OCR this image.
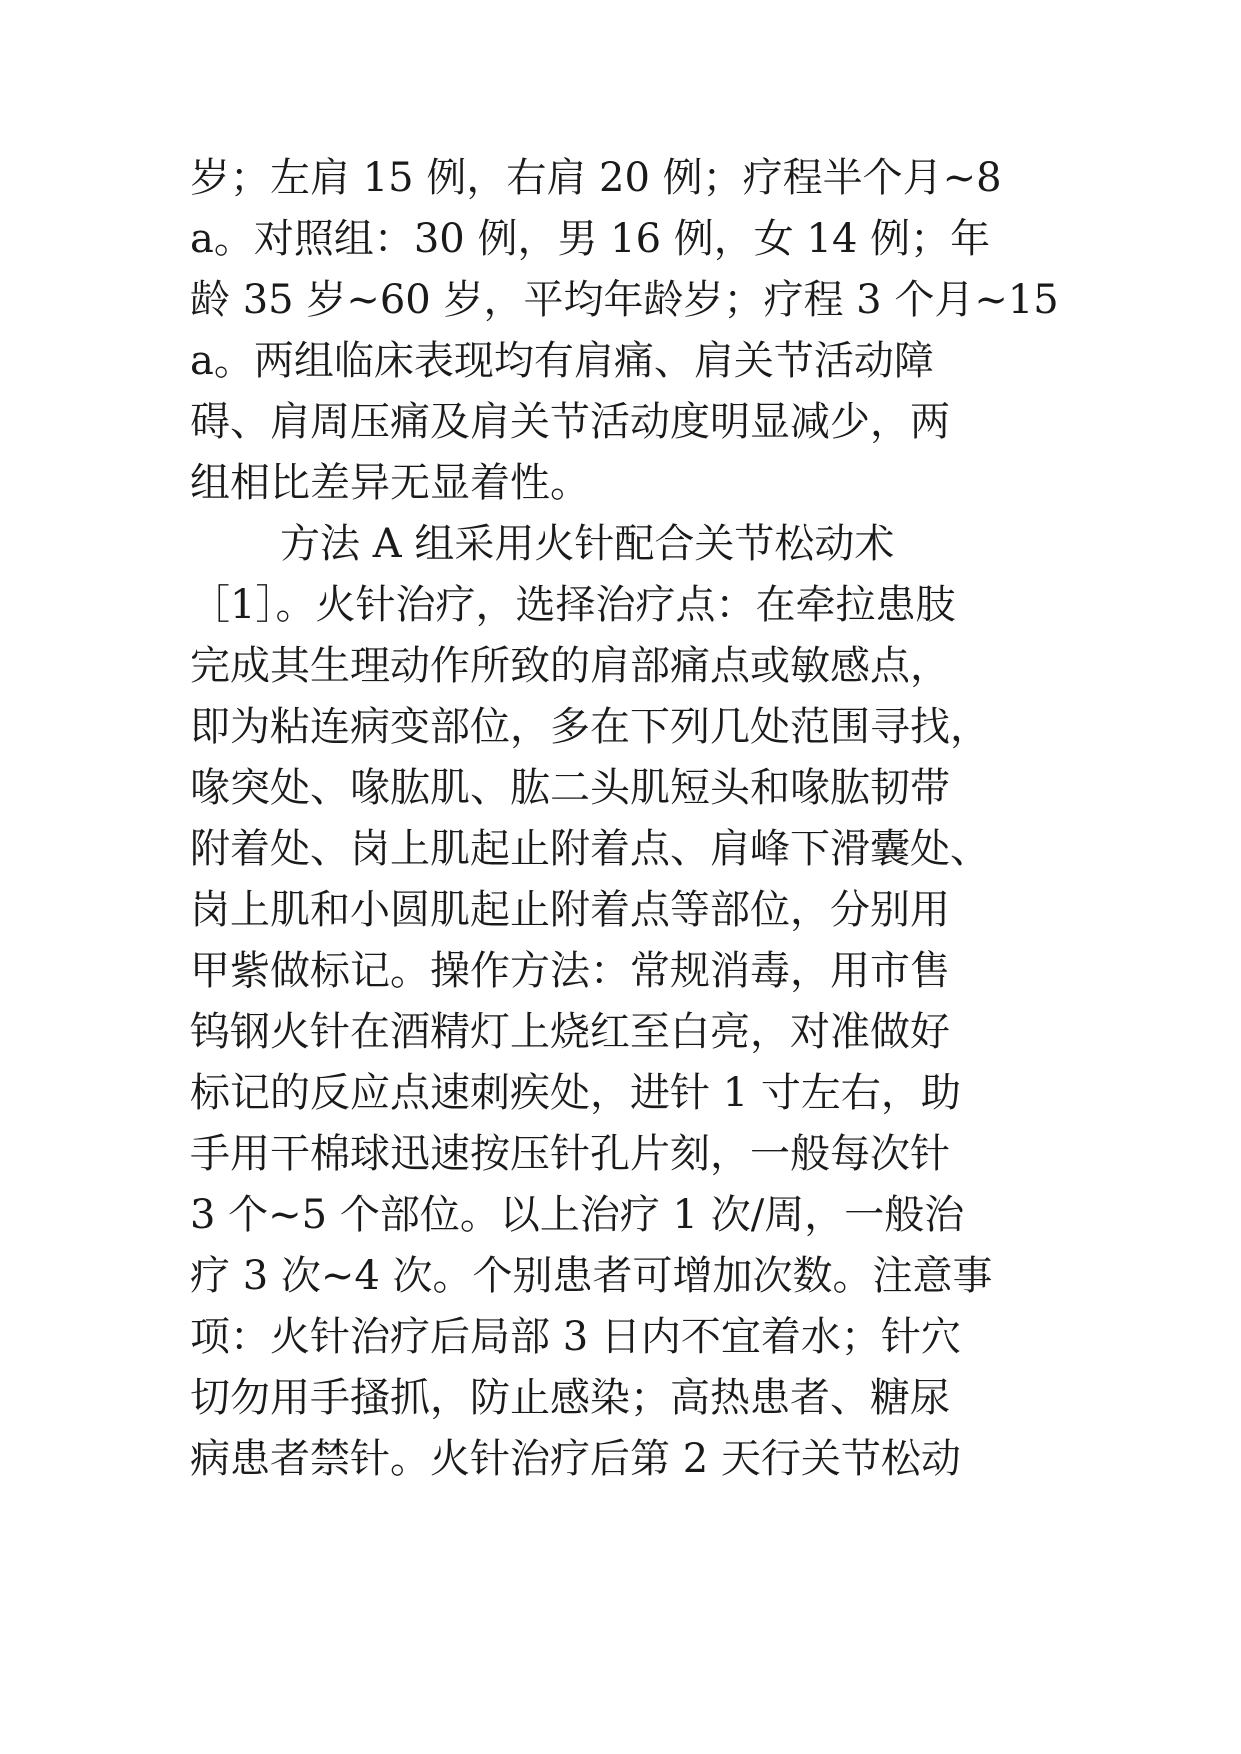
岁；左肩 15 例，右肩 20 例；疗程半个月~8
a。对照组：30 例，男 16 例，女 14 例；年
龄 35 岁~60 岁，平均年龄岁；疗程 3 个月~15
a。两组临床表现均有肩痛、肩关节活动障
碍、肩周压痛及肩关节活动度明显减少，两
组相比差异无显着性。
方法 A 组采用火针配合关节松动术
［1］。火针治疗，选择治疗点：在牵拉患肢
完成其生理动作所致的肩部痛点或敏感点，
即为粘连病变部位，多在下列几处范围寻找，
喙突处、喙肱肌、肱二头肌短头和喙肱韧带
附着处、岗上肌起止附着点、肩峰下滑囊处、
岗上肌和小圆肌起止附着点等部位，分别用
甲紫做标记。操作方法：常规消毒，用市售
钨钢火针在酒精灯上烧红至白亮，对准做好
标记的反应点速刺疾处，进针 1 寸左右，助
手用干棉球迅速按压针孔片刻，一般每次针
3 个~5 个部位。以上治疗 1 次/周，一般治
疗 3 次~4 次。个别患者可增加次数。注意事
项：火针治疗后局部 3 日内不宜着水；针穴
切勿用手搔抓，防止感染；高热患者、糖尿
病患者禁针。火针治疗后第 2 天行关节松动
